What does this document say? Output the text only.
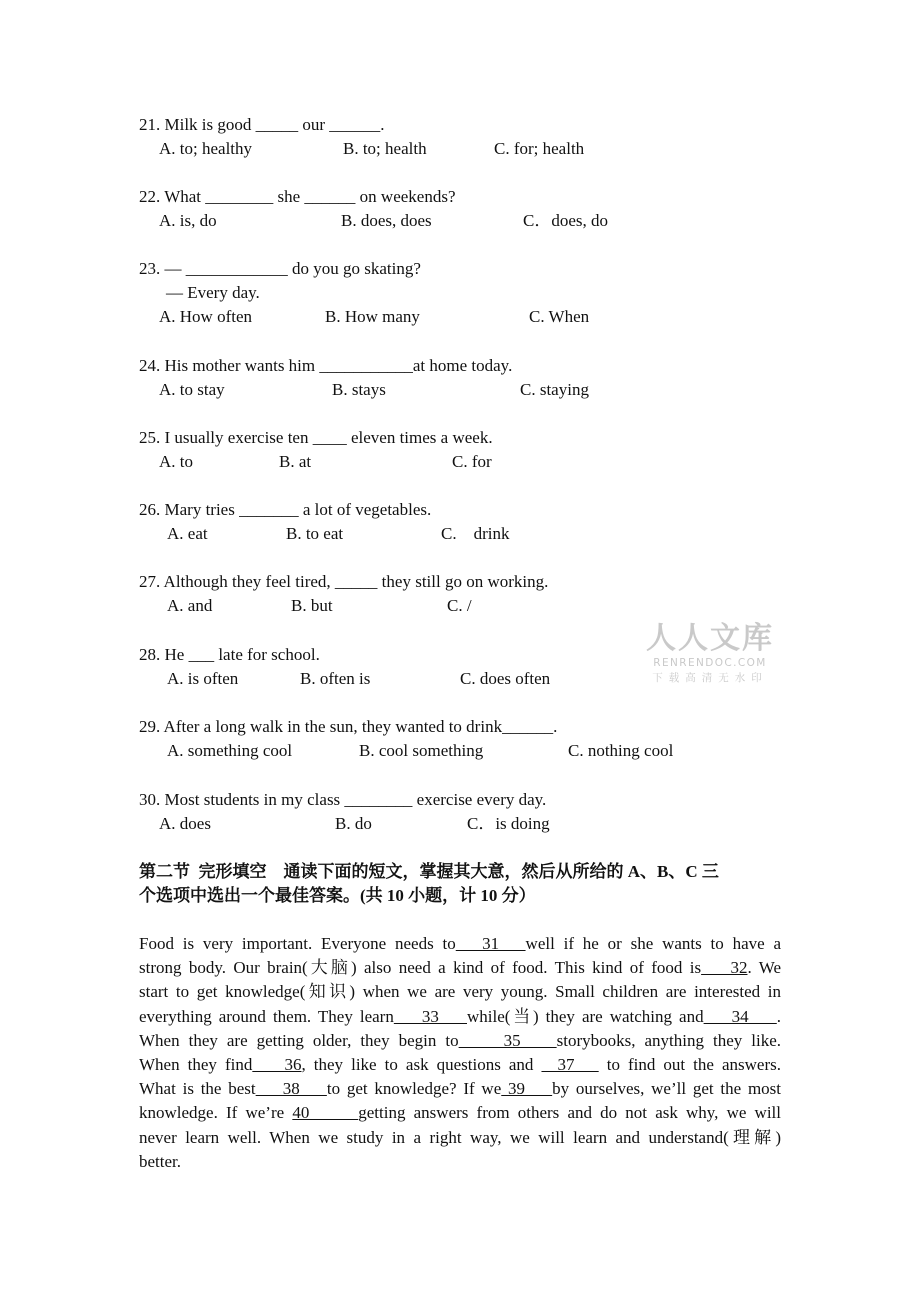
21. Milk is good _____ our ______.
A. to; healthy	B. to; health	C. for; health
22. What ________ she ______ on weekends?
A. is, do	B. does, does	C．does, do
23. — ____________ do you go skating?
— Every day.
A. How often	B. How many	C. When
24. His mother wants him ___________at home today.
A. to stay	B. stays	C. staying
25. I usually exercise ten ____ eleven times a week.
A. to	B. at	C. for
26. Mary tries _______ a lot of vegetables.
A. eat	B. to eat	C.    drink
27. Although they feel tired, _____ they still go on working.
A. and	B. but	C. /
28. He ___ late for school.
A. is often	B. often is	C. does often
29. After a long walk in the sun, they wanted to drink______.
A. something cool	B. cool something	C. nothing cool
30. Most students in my class ________ exercise every day.
A. does	B. do	C．is doing
第二节  完形填空    通读下面的短文，掌握其大意，然后从所给的 A、B、C 三
个选项中选出一个最佳答案。(共 10 小题，计 10 分）
Food is very important. Everyone needs to   31   well if he or she wants to have a
strong body. Our brain(大脑) also need a kind of food. This kind of food is    32. We
start to get knowledge(知识) when we are very young. Small children are interested in
everything around them. They learn    33    while(当) they are watching and    34    .
When they are getting older, they begin to     35    storybooks, anything they like.
When they find    36, they like to ask questions and   37    to find out the answers.
What is the best    38    to get knowledge? If we 39    by ourselves, we’ll get the most
knowledge. If we’re 40      getting answers from others and do not ask why, we will
never learn well. When we study in a right way, we will learn and understand(理解)
better.
人人文库
RENRENDOC.COM
下载高清无水印
